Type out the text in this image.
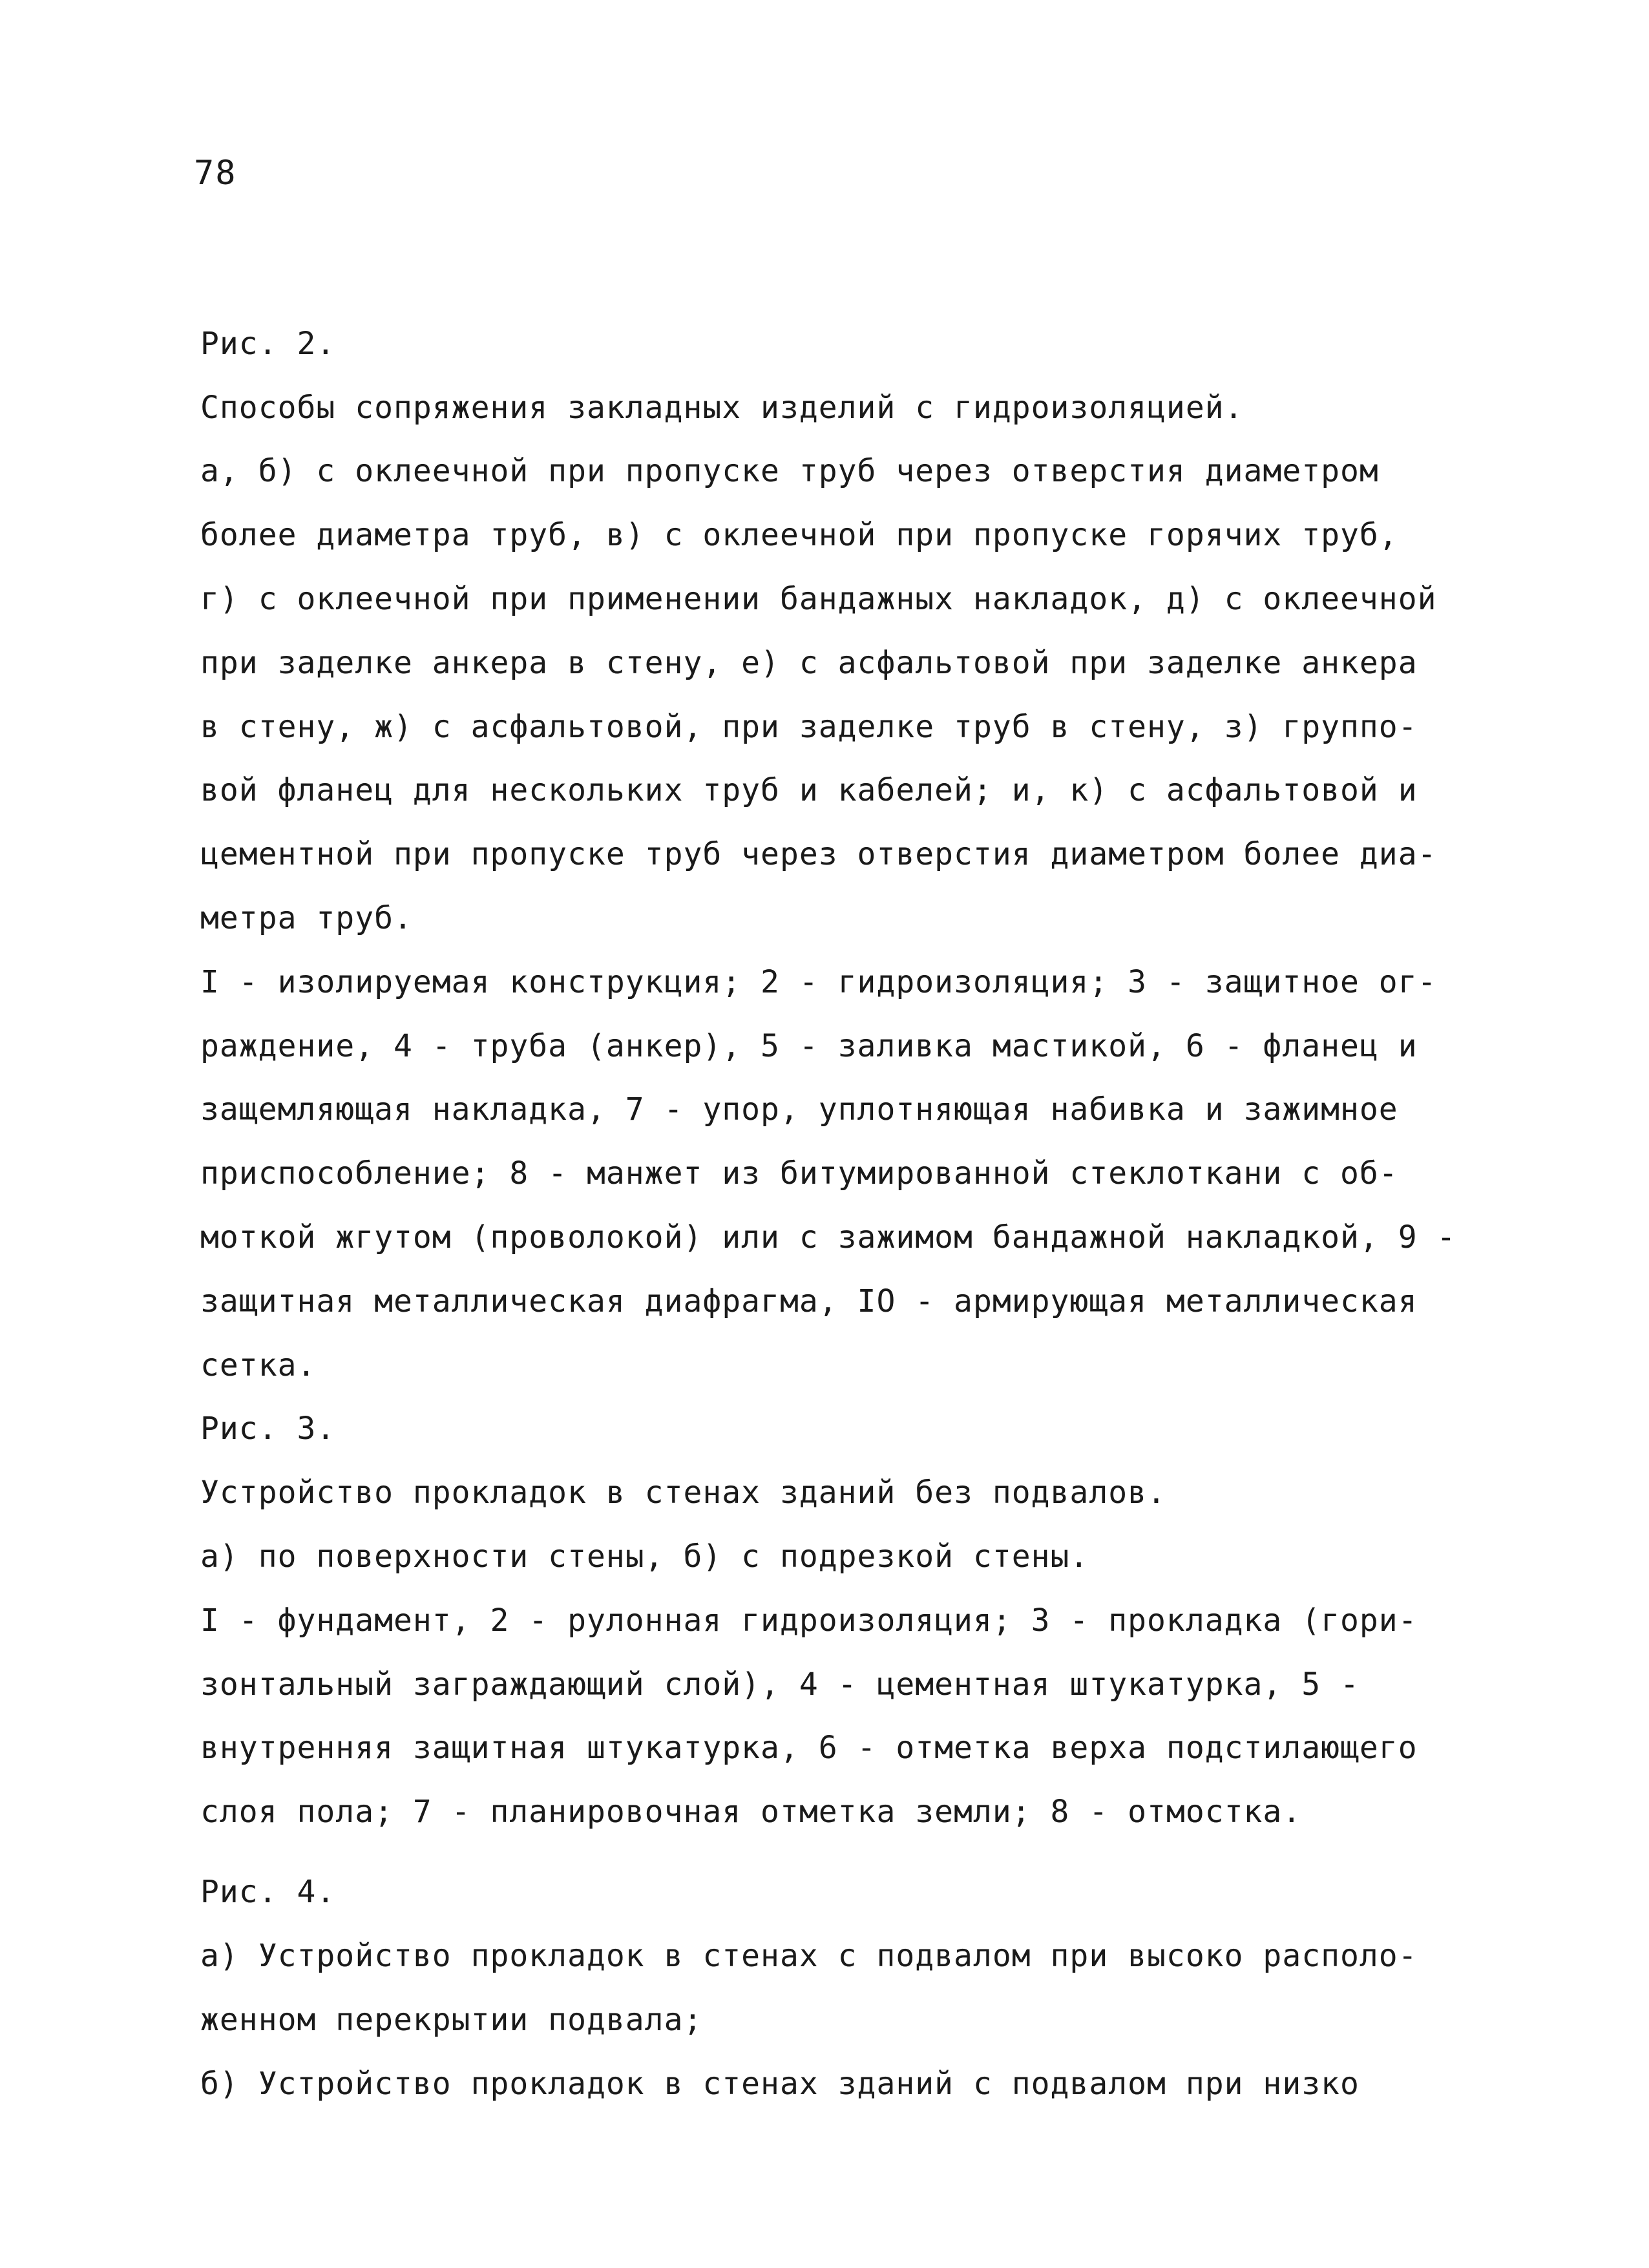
78
Рис. 2.
Способы сопряжения закладных изделий с гидроизоляцией.
а, б) с оклеечной при пропуске труб через отверстия диаметром
более диаметра труб, в) с оклеечной при пропуске горячих труб,
г) с оклеечной при применении бандажных накладок, д) с оклеечной
при заделке анкера в стену, е) с асфальтовой при заделке анкера
в стену, ж) с асфальтовой, при заделке труб в стену, з) группо-
вой фланец для нескольких труб и кабелей; и, к) с асфальтовой и
цементной при пропуске труб через отверстия диаметром более диа-
метра труб.
I - изолируемая конструкция; 2 - гидроизоляция; 3 - защитное ог-
раждение, 4 - труба (анкер), 5 - заливка мастикой, 6 - фланец и
защемляющая накладка, 7 - упор, уплотняющая набивка и зажимное
приспособление; 8 - манжет из битумированной стеклоткани с об-
моткой жгутом (проволокой) или с зажимом бандажной накладкой, 9 -
защитная металлическая диафрагма, IO - армирующая металлическая
сетка.
Рис. 3.
Устройство прокладок в стенах зданий без подвалов.
а) по поверхности стены, б) с подрезкой стены.
I - фундамент, 2 - рулонная гидроизоляция; 3 - прокладка (гори-
зонтальный заграждающий слой), 4 - цементная штукатурка, 5 -
внутренняя защитная штукатурка, 6 - отметка верха подстилающего
слоя пола; 7 - планировочная отметка земли; 8 - отмостка.
Рис. 4.
а) Устройство прокладок в стенах с подвалом при высоко располо-
женном перекрытии подвала;
б) Устройство прокладок в стенах зданий с подвалом при низко
